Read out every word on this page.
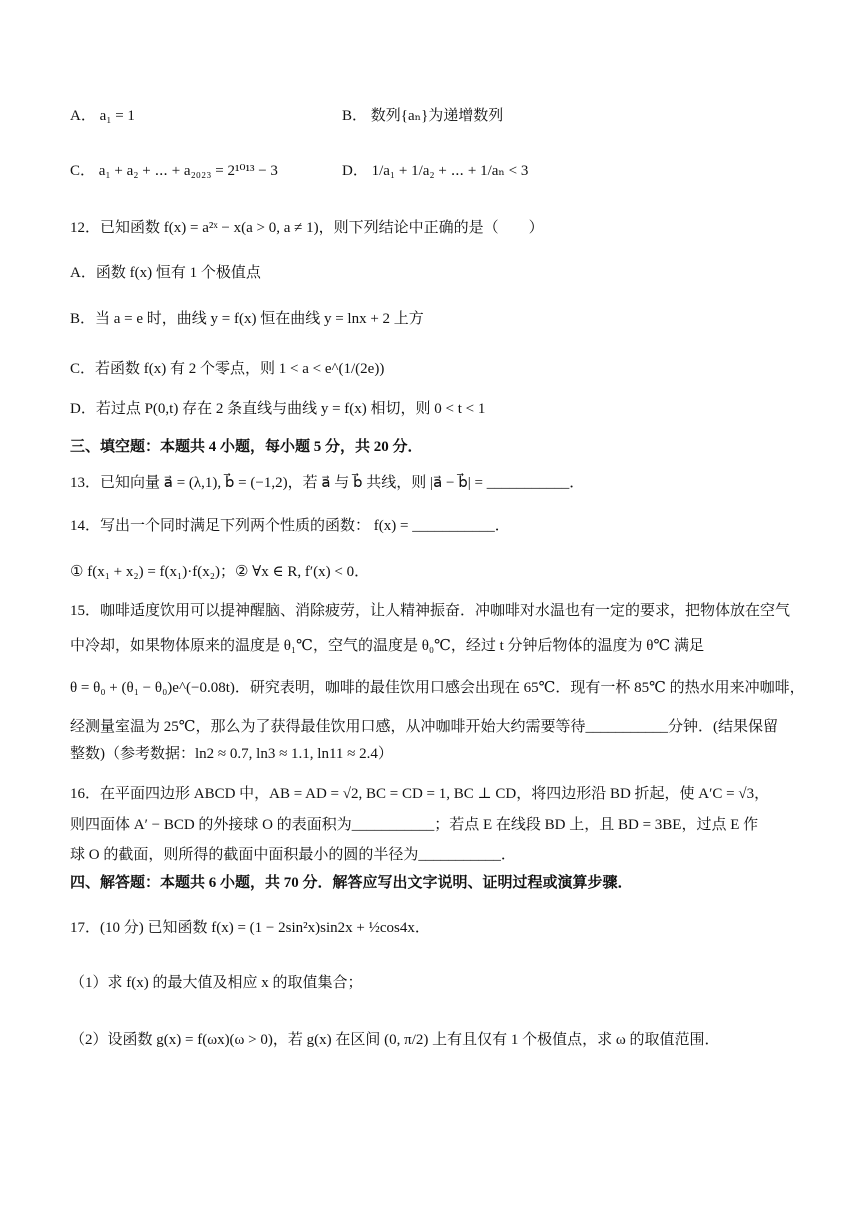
A． a₁ = 1	B． 数列{aₙ}为递增数列
C． a₁ + a₂ + ⋯ + a₂₀₂₃ = 2¹⁰¹³ − 3	D． 1/a₁ + 1/a₂ + ⋯ + 1/aₙ < 3
12．已知函数 f(x) = a²ˣ − x(a > 0, a ≠ 1)，则下列结论中正确的是（　　）
A．函数 f(x) 恒有 1 个极值点
B．当 a = e 时，曲线 y = f(x) 恒在曲线 y = lnx + 2 上方
C．若函数 f(x) 有 2 个零点，则 1 < a < e^(1/(2e))
D．若过点 P(0,t) 存在 2 条直线与曲线 y = f(x) 相切，则 0 < t < 1
三、填空题：本题共 4 小题，每小题 5 分，共 20 分．
13．已知向量 a⃗ = (λ,1), b⃗ = (−1,2)，若 a⃗ 与 b⃗ 共线，则 |a⃗ − b⃗| = ___________．
14．写出一个同时满足下列两个性质的函数： f(x) = ___________．
① f(x₁ + x₂) = f(x₁)·f(x₂)；② ∀x ∈ R, f′(x) < 0．
15．咖啡适度饮用可以提神醒脑、消除疲劳，让人精神振奋．冲咖啡对水温也有一定的要求，把物体放在空气
中冷却，如果物体原来的温度是 θ₁℃，空气的温度是 θ₀℃，经过 t 分钟后物体的温度为 θ℃ 满足
θ = θ₀ + (θ₁ − θ₀)e^(−0.08t)．研究表明，咖啡的最佳饮用口感会出现在 65℃．现有一杯 85℃ 的热水用来冲咖啡，
经测量室温为 25℃，那么为了获得最佳饮用口感，从冲咖啡开始大约需要等待___________分钟．(结果保留
整数)（参考数据：ln2 ≈ 0.7, ln3 ≈ 1.1, ln11 ≈ 2.4）
16．在平面四边形 ABCD 中，AB = AD = √2, BC = CD = 1, BC ⊥ CD，将四边形沿 BD 折起，使 A′C = √3，
则四面体 A′ − BCD 的外接球 O 的表面积为___________；若点 E 在线段 BD 上，且 BD = 3BE，过点 E 作
球 O 的截面，则所得的截面中面积最小的圆的半径为___________．
四、解答题：本题共 6 小题，共 70 分．解答应写出文字说明、证明过程或演算步骤．
17．(10 分) 已知函数 f(x) = (1 − 2sin²x)sin2x + ½cos4x．
（1）求 f(x) 的最大值及相应 x 的取值集合；
（2）设函数 g(x) = f(ωx)(ω > 0)，若 g(x) 在区间 (0, π/2) 上有且仅有 1 个极值点，求 ω 的取值范围．
